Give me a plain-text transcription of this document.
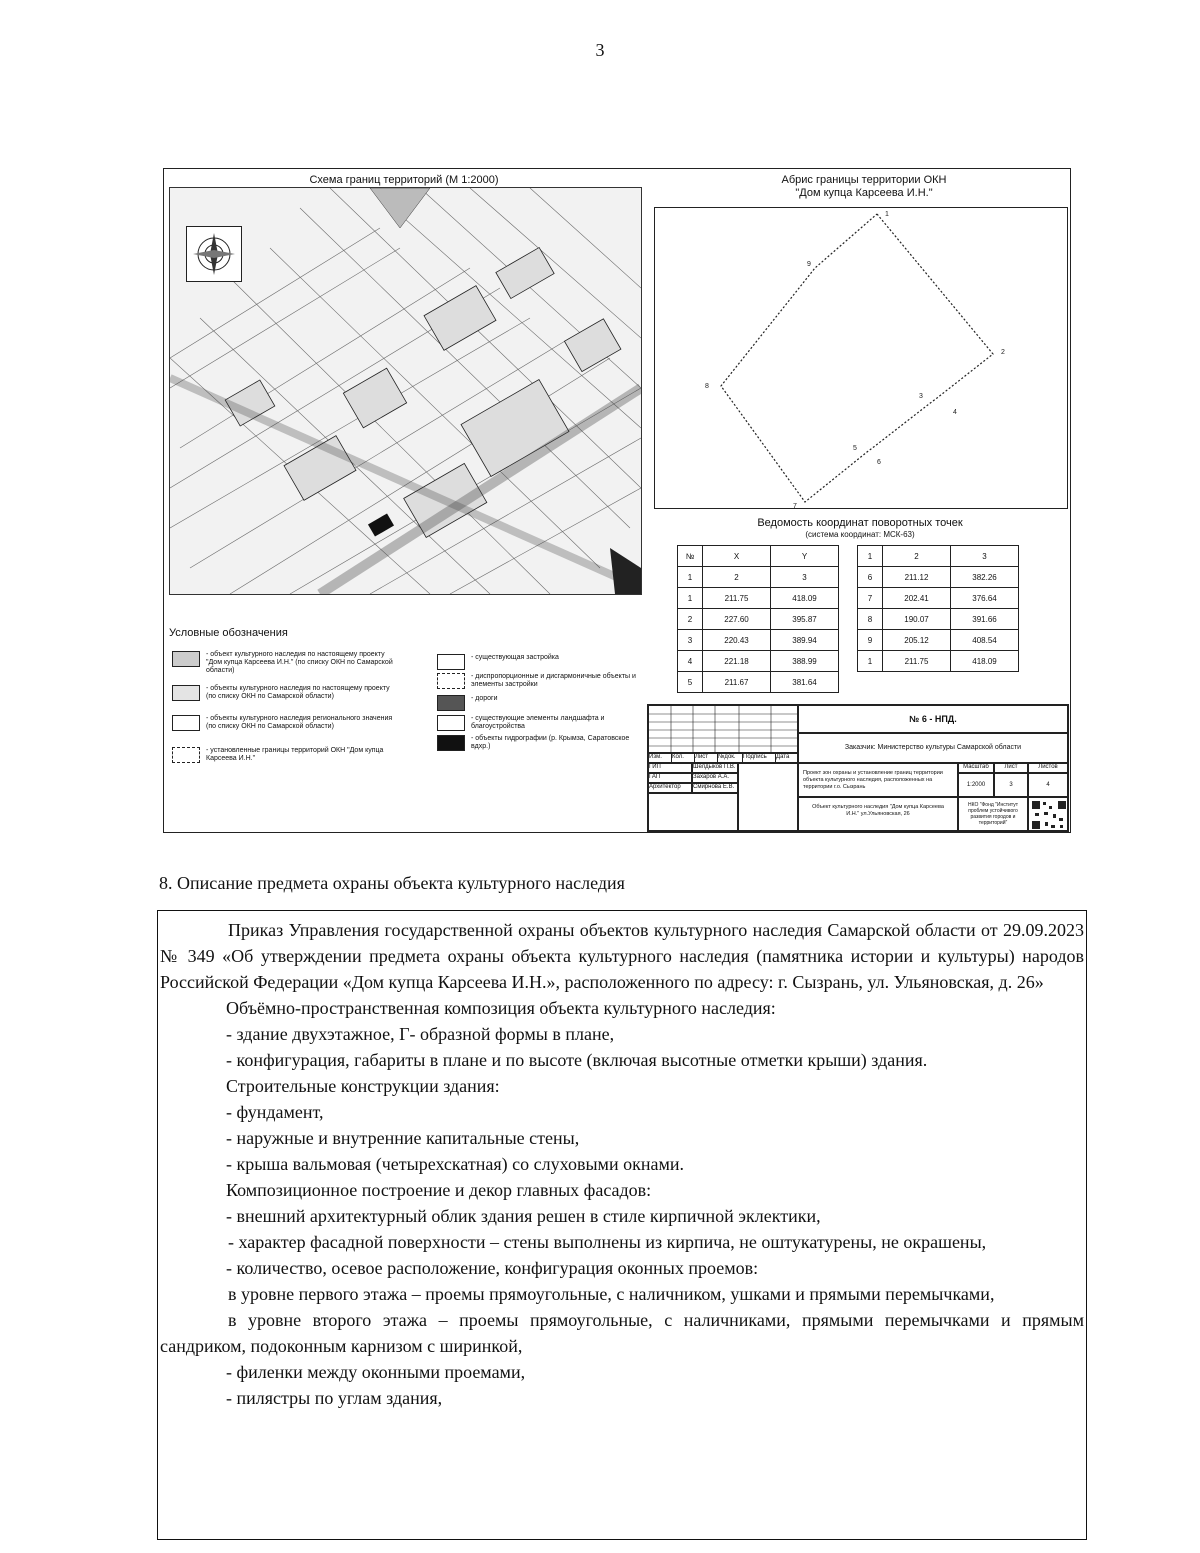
3
Схема границ территорий (М 1:2000)	Абрис границы территории ОКН
"Дом купца Карсеева И.Н."
1
2
3
4
5
6
7
8
9
Ведомость координат поворотных точек
(система координат: МСК-63)
№	X	Y
1	2	3
1	211.75	418.09
2	227.60	395.87
3	220.43	389.94
4	221.18	388.99
5	211.67	381.64
1	2	3
6	211.12	382.26
7	202.41	376.64
8	190.07	391.66
9	205.12	408.54
1	211.75	418.09
Условные обозначения
- объект культурного наследия по настоящему проекту "Дом купца Карсеева И.Н." (по списку ОКН по Самарской области)
- объекты культурного наследия по настоящему проекту (по списку ОКН по Самарской области)
- объекты культурного наследия регионального значения (по списку ОКН по Самарской области)
- установленные границы территорий ОКН "Дом купца Карсеева И.Н."
- существующая застройка
- диспропорционные и дисгармоничные объекты и элементы застройки
- дороги
- существующие элементы ландшафта и благоустройства
- объекты гидрографии (р. Крымза, Саратовское вдхр.)
№ 6 - НПД.
Заказчик: Министерство культуры Самарской области
Изм.	Кол.	Лист	№док.	Подпись	Дата
ГИП	Шелдыков П.В.
ГАП	Захаров А.А.
Архитектор	Смирнова Е.В.
Проект зон охраны и установление границ территории объекта культурного наследия, расположенных на территории г.о. Сызрань
Объект культурного наследия "Дом купца Карсеева И.Н." ул.Ульяновская, 26
Масштаб	Лист	Листов
1:2000	3	4
НКО "Фонд "Институт проблем устойчивого развития городов и территорий"
8. Описание предмета охраны объекта культурного наследия

Приказ Управления государственной охраны объектов культурного наследия Самарской области от 29.09.2023 № 349 «Об утверждении предмета охраны объекта культурного наследия (памятника истории и культуры) народов Российской Федерации «Дом купца Карсеева И.Н.», расположенного по адресу: г. Сызрань, ул. Ульяновская, д. 26»

Объёмно-пространственная композиция объекта культурного наследия:

- здание двухэтажное, Г- образной формы в плане,

- конфигурация, габариты в плане и по высоте (включая высотные отметки крыши) здания.

Строительные конструкции здания:

- фундамент,

- наружные и внутренние капитальные стены,

- крыша вальмовая (четырехскатная) со слуховыми окнами.

Композиционное построение и декор главных фасадов:

- внешний архитектурный облик здания решен в стиле кирпичной эклектики,

- характер фасадной поверхности – стены выполнены из кирпича, не оштукатурены, не окрашены,

- количество, осевое расположение, конфигурация оконных проемов:

в уровне первого этажа – проемы прямоугольные, с наличником, ушками и прямыми перемычками,

в уровне второго этажа – проемы прямоугольные, с наличниками, прямыми перемычками и прямым сандриком, подоконным карнизом с ширинкой,

- филенки между оконными проемами,

- пилястры по углам здания,
